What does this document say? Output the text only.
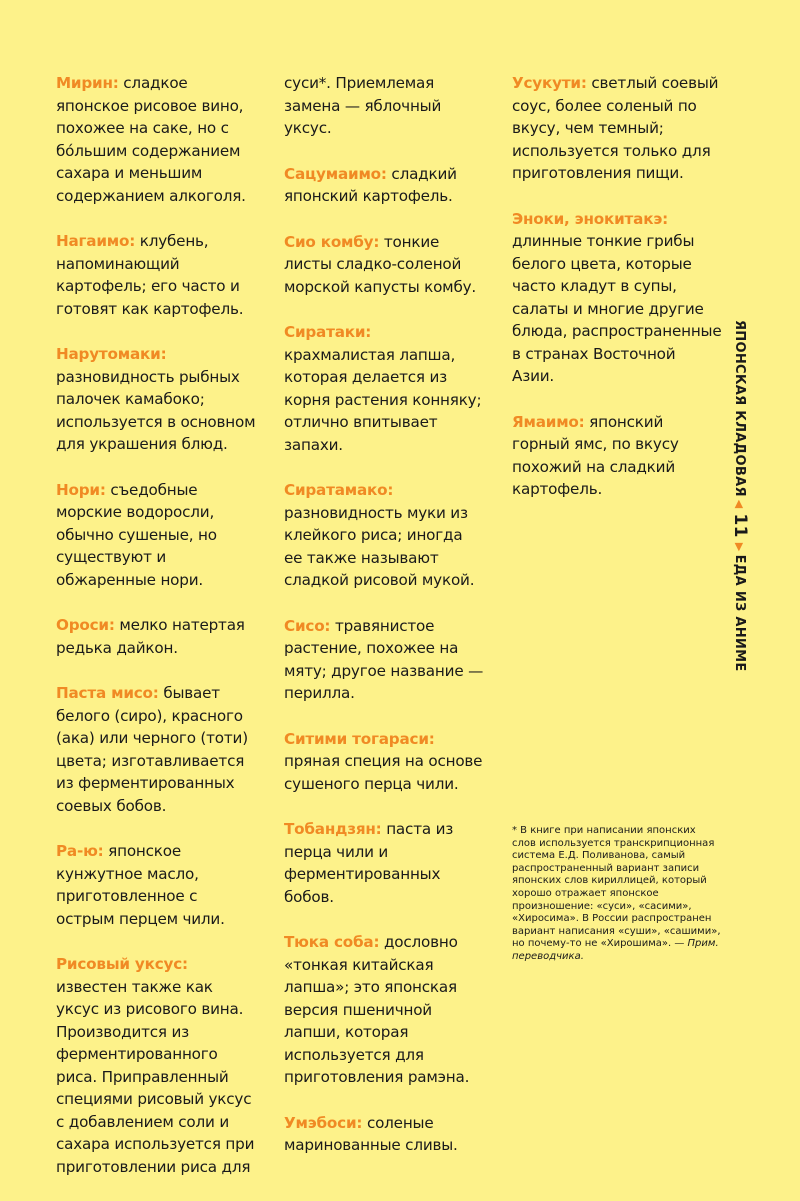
Мирин: сладкое японское рисовое вино, похожее на саке, но с бо́льшим содержанием сахара и меньшим содержанием алкоголя.

Нагаимо: клубень, напоминающий картофель; его часто и готовят как картофель.

Нарутомаки: разновидность рыбных палочек камабоко; используется в основном для украшения блюд.

Нори: съедобные морские водоросли, обычно сушеные, но существуют и обжаренные нори.

Ороси: мелко натертая редька дайкон.

Паста мисо: бывает белого (сиро), красного (ака) или черного (тоти) цвета; изготавливается из ферментированных соевых бобов.

Ра-ю: японское кунжутное масло, приготовленное с острым перцем чили.

Рисовый уксус: известен также как уксус из рисового вина. Производится из ферментированного риса. Приправленный специями рисовый уксус с добавлением соли и сахара используется при приготовлении риса для

суси*. Приемлемая замена — яблочный уксус.

Сацумаимо: сладкий японский картофель.

Сио комбу: тонкие листы сладко-соленой морской капусты комбу.

Сиратаки: крахмалистая лапша, которая делается из корня растения конняку; отлично впитывает запахи.

Сиратамако: разновидность муки из клейкого риса; иногда ее также называют сладкой рисовой мукой.

Сисо: травянистое растение, похожее на мяту; другое название — перилла.

Ситими тогараси: пряная специя на основе сушеного перца чили.

Тобандзян: паста из перца чили и ферментированных бобов.

Тюка соба: дословно «тонкая китайская лапша»; это японская версия пшеничной лапши, которая используется для приготовления рамэна.

Умэбоси: соленые маринованные сливы.

Усукути: светлый соевый соус, более соленый по вкусу, чем темный; используется только для приготовления пищи.

Эноки, энокитакэ: длинные тонкие грибы белого цвета, которые часто кладут в супы, салаты и многие другие блюда, распространенные в странах Восточной Азии.

Ямаимо: японский горный ямс, по вкусу похожий на сладкий картофель.

* В книге при написании японских слов используется транскрипционная система Е.Д. Поливанова, самый распространенный вариант записи японских слов кириллицей, который хорошо отражает японское произношение: «суси», «сасими», «Хиросима». В России распространен вариант написания «суши», «сашими», но почему-то не «Хирошима». — Прим. переводчика.
ЯПОНСКАЯ КЛАДОВАЯ
◀
11
▶
ЕДА ИЗ АНИМЕ
